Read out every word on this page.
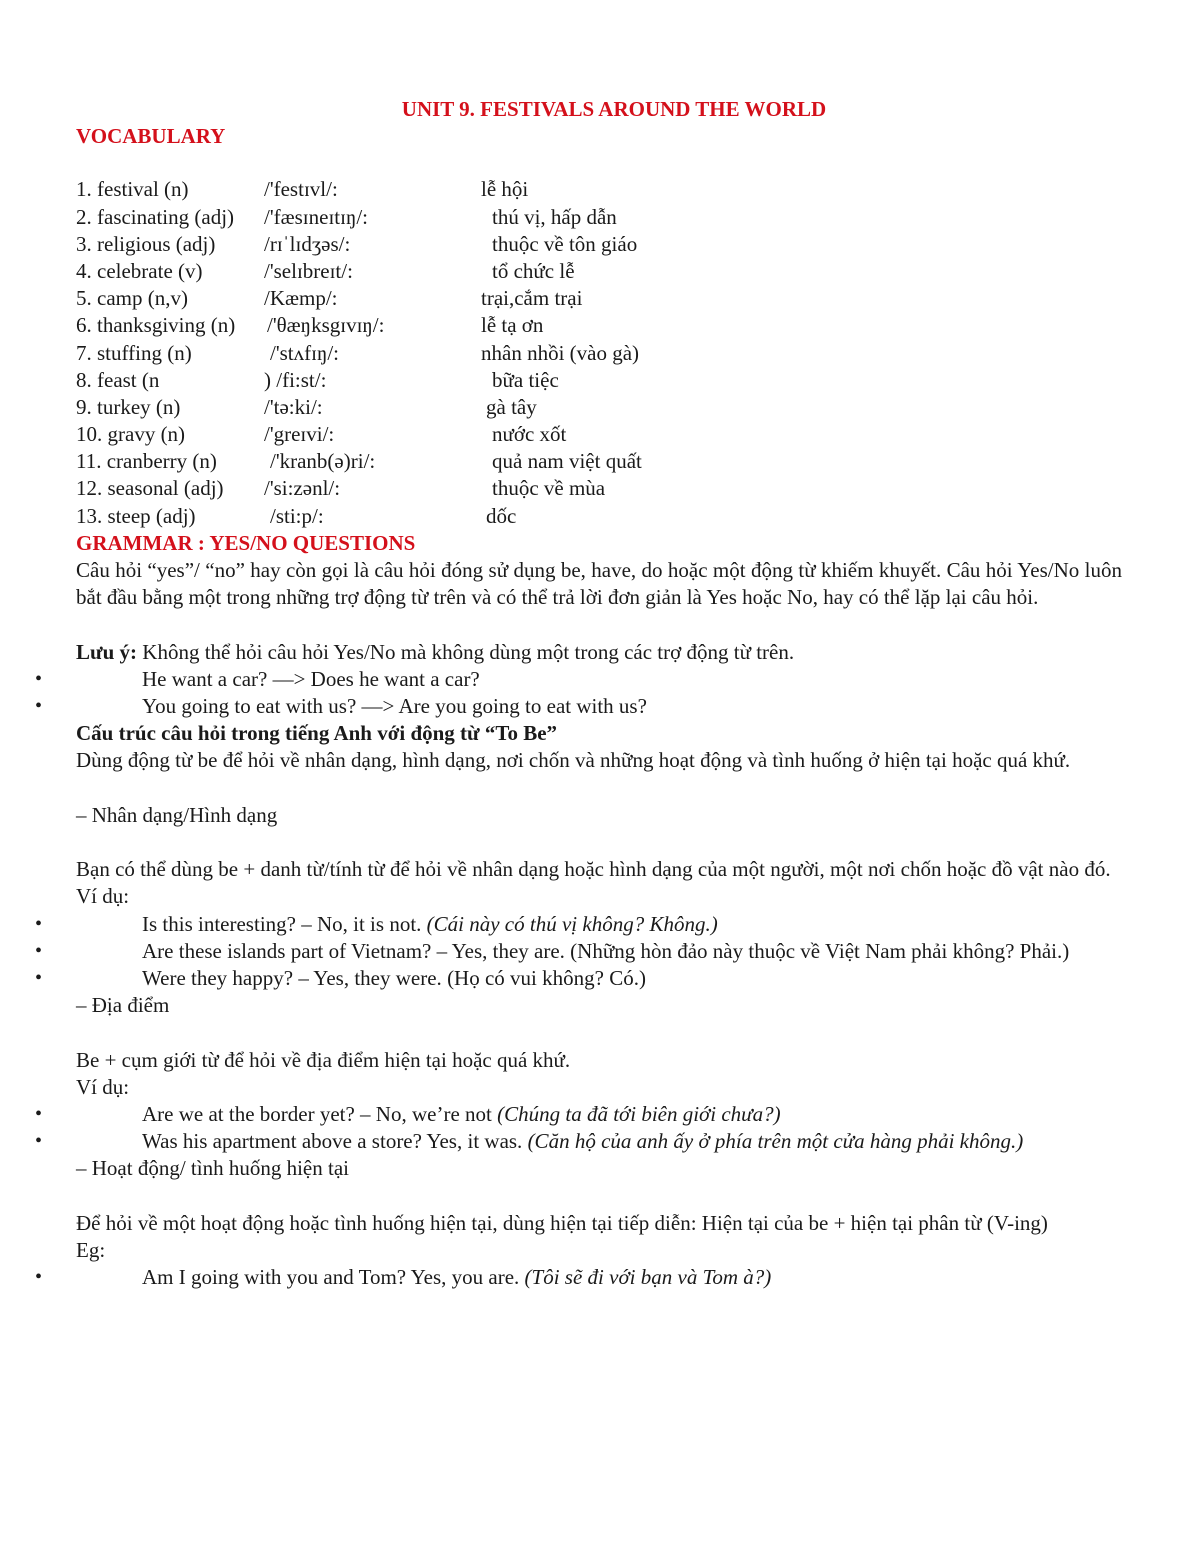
UNIT 9. FESTIVALS AROUND THE WORLD
VOCABULARY
1. festival (n)	/'festɪvl/:	lễ hội
2. fascinating (adj) /'fæsɪneɪtɪŋ/:	thú vị, hấp dẫn
3. religious (adj) /rɪˈlɪdʒəs/:	thuộc về tôn giáo
4. celebrate (v)	/'selɪbreɪt/:	tổ chức lễ
5. camp (n,v)	/Kæmp/:	trại,cắm trại
6. thanksgiving (n) /'θæŋksgɪvɪŋ/:	lễ tạ ơn
7. stuffing (n)	/'stʌfɪŋ/:	nhân nhồi (vào gà)
8. feast (n	) /fi:st/:	bữa tiệc
9. turkey (n)	/'tə:ki/:	gà tây
10. gravy (n)	/'greɪvi/:	nước xốt
11. cranberry (n)	/'kranb(ə)ri/:	quả nam việt quất
12. seasonal (adj) /'si:zənl/:	thuộc về mùa
13. steep (adj)	/sti:p/:	dốc
GRAMMAR : YES/NO QUESTIONS
Câu hỏi “yes”/ “no” hay còn gọi là câu hỏi đóng sử dụng be, have, do hoặc một động từ khiếm khuyết. Câu hỏi Yes/No luôn bắt đầu bằng một trong những trợ động từ trên và có thể trả lời đơn giản là Yes hoặc No, hay có thể lặp lại câu hỏi.
Lưu ý: Không thể hỏi câu hỏi Yes/No mà không dùng một trong các trợ động từ trên.
•	He want a car? —> Does he want a car?
•	You going to eat with us? —> Are you going to eat with us?
Cấu trúc câu hỏi trong tiếng Anh với động từ “To Be”
Dùng động từ be để hỏi về nhân dạng, hình dạng, nơi chốn và những hoạt động và tình huống ở hiện tại hoặc quá khứ.
– Nhân dạng/Hình dạng
Bạn có thể dùng be + danh từ/tính từ để hỏi về nhân dạng hoặc hình dạng của một người, một nơi chốn hoặc đồ vật nào đó.
Ví dụ:
•	Is this interesting? – No, it is not. (Cái này có thú vị không? Không.)
•	Are these islands part of Vietnam? – Yes, they are. (Những hòn đảo này thuộc về Việt Nam phải không? Phải.)
•	Were they happy? – Yes, they were. (Họ có vui không? Có.)
– Địa điểm
Be + cụm giới từ để hỏi về địa điểm hiện tại hoặc quá khứ.
Ví dụ:
•	Are we at the border yet? – No, we’re not (Chúng ta đã tới biên giới chưa?)
•	Was his apartment above a store? Yes, it was. (Căn hộ của anh ấy ở phía trên một cửa hàng phải không.)
– Hoạt động/ tình huống hiện tại
Để hỏi về một hoạt động hoặc tình huống hiện tại, dùng hiện tại tiếp diễn: Hiện tại của be + hiện tại phân từ (V-ing)
Eg:
•	Am I going with you and Tom? Yes, you are. (Tôi sẽ đi với bạn và Tom à?)
